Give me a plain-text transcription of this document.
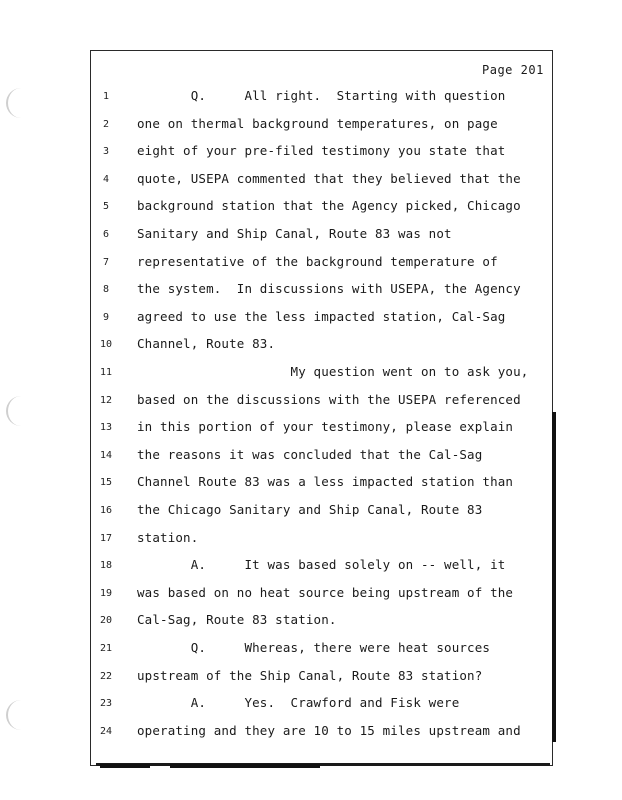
Page 201
1	Q.     All right.  Starting with question
2	one on thermal background temperatures, on page
3	eight of your pre-filed testimony you state that
4	quote, USEPA commented that they believed that the
5	background station that the Agency picked, Chicago
6	Sanitary and Ship Canal, Route 83 was not
7	representative of the background temperature of
8	the system.  In discussions with USEPA, the Agency
9	agreed to use the less impacted station, Cal-Sag
10	Channel, Route 83.
11	My question went on to ask you,
12	based on the discussions with the USEPA referenced
13	in this portion of your testimony, please explain
14	the reasons it was concluded that the Cal-Sag
15	Channel Route 83 was a less impacted station than
16	the Chicago Sanitary and Ship Canal, Route 83
17	station.
18	A.     It was based solely on -- well, it
19	was based on no heat source being upstream of the
20	Cal-Sag, Route 83 station.
21	Q.     Whereas, there were heat sources
22	upstream of the Ship Canal, Route 83 station?
23	A.     Yes.  Crawford and Fisk were
24	operating and they are 10 to 15 miles upstream and
